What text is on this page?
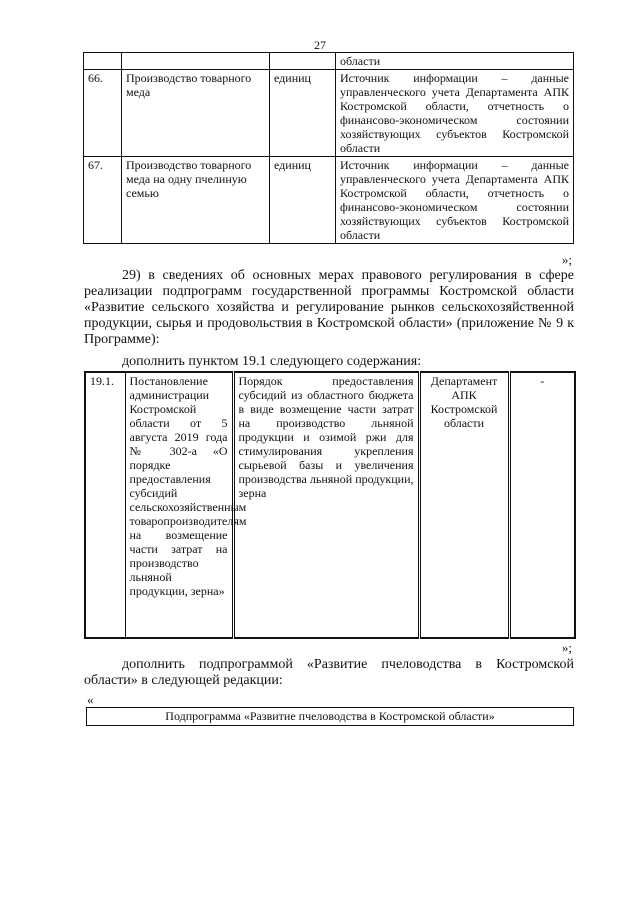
27
			области
66.	Производство товарного меда	единиц	Источник информации – данные управленческого учета Департамента АПК Костромской области, отчетность о финансово-экономическом состоянии хозяйствующих субъектов Костромской области
67.	Производство товарного меда на одну пчелиную семью	единиц	Источник информации – данные управленческого учета Департамента АПК Костромской области, отчетность о финансово-экономическом состоянии хозяйствующих субъектов Костромской области
»;
29) в сведениях об основных мерах правового регулирования в сфере реализации подпрограмм государственной программы Костромской области «Развитие сельского хозяйства и регулирование рынков сельскохозяйственной продукции, сырья и продовольствия в Костромской области» (приложение № 9 к Программе):
дополнить пунктом 19.1 следующего содержания:
19.1.	Постановление администрации Костромской области от 5 августа 2019 года № 302-а «О порядке предоставления субсидий сельскохозяйственным товаропроизводителям на возмещение части затрат на производство льняной продукции, зерна»	Порядок предоставления субсидий из областного бюджета в виде возмещение части затрат на производство льняной продукции и озимой ржи для стимулирования укрепления сырьевой базы и увеличения производства льняной продукции, зерна	Департамент АПК Костромской области	-
»;
дополнить подпрограммой «Развитие пчеловодства в Костромской области» в следующей редакции:
«
Подпрограмма «Развитие пчеловодства в Костромской области»
